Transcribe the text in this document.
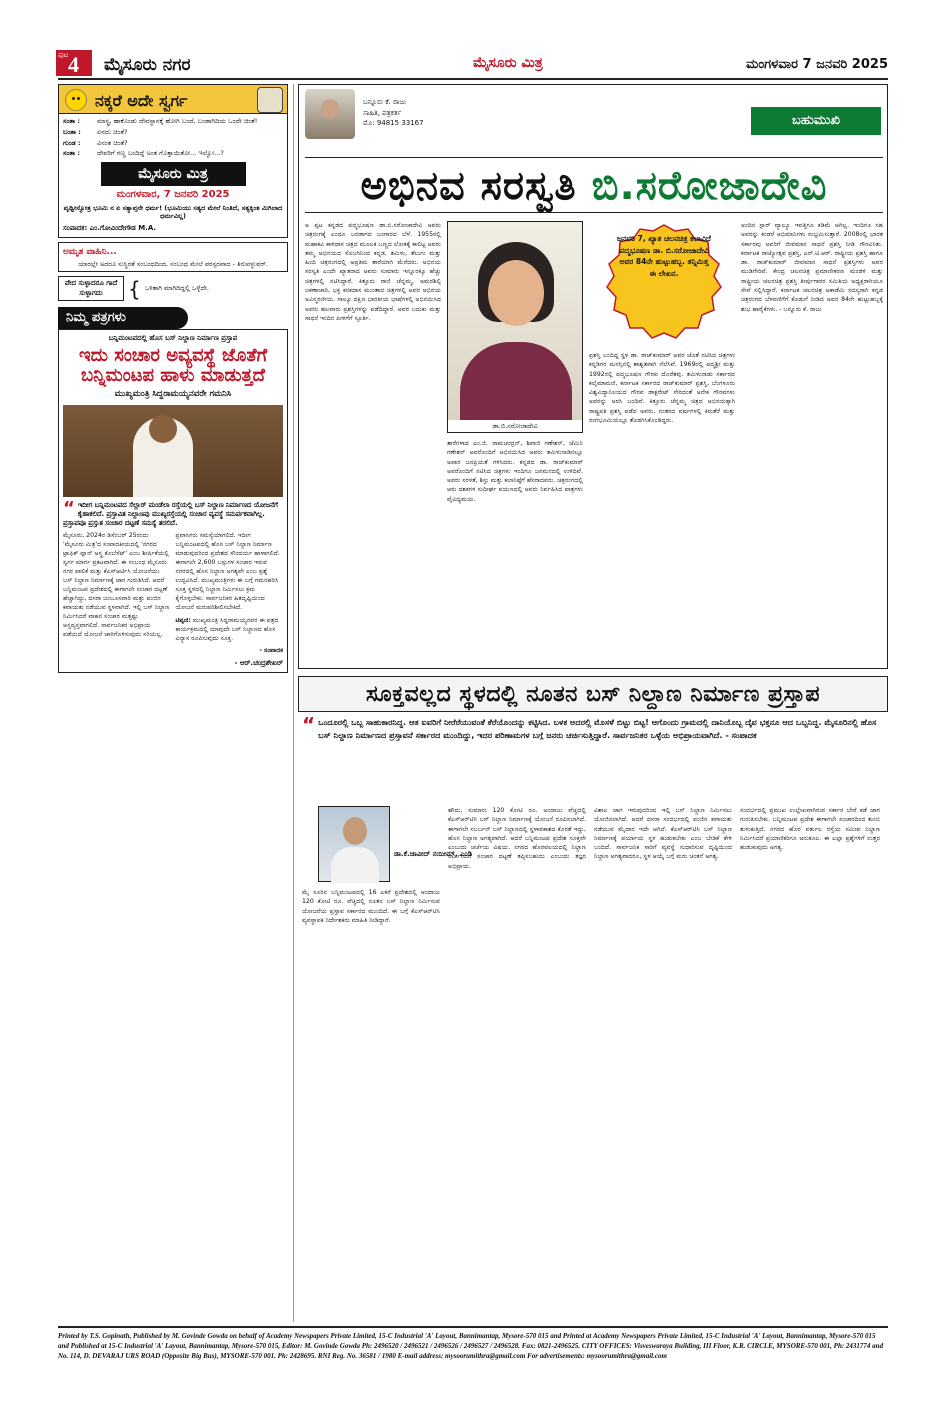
ಪುಟ 4 ಮೈಸೂರು ನಗರ	ಮೈಸೂರು ಮಿತ್ರ	ಮಂಗಳವಾರ 7 ಜನವರಿ 2025
ನಕ್ಕರೆ ಅದೇ ಸ್ವರ್ಗ
ಸಂತಾ :	ಮಾಸ್ಟ್ರ, ಹಾಕೊಂಡು ದೇವಸ್ಥಾನಕ್ಕೆ ಹೋಗಿ ಬಂದೆ, ಬಂಡಾಗಿದಿಯ ಒಂದೇ ಚಿಂತೆ!
ಬಂತಾ :	ಏನದು ಚಿಂತೆ?
ಗುಂಡ :	ವಿನಂತ ಚಿಂತೆ?
ಸಂತಾ :	ದೇವರಿಗೆ ಗಣ್ಣ ಬಂದಿದ್ದೆ ಅಂತ ಗೊತ್ತಾಯಿತೋ... ಇಲ್ವೋ...?
ಮೈಸೂರು ಮಿತ್ರ
ಮಂಗಳವಾರ, 7 ಜನವರಿ 2025
ಪೃಥ್ವೀಸ್ವೋತ್ರ ಭೂಮಿ ನ ಏ ಸತ್ಯಾಪ್ತನೇ ಧರ್ಮ! (ಭೂಮಿಯು ಸತ್ಯದ ಮೇಲೆ ನಿಂತಿದೆ, ಸತ್ಯಕ್ಕಿಂತ ಮಿಗಿಲಾದ ಧರ್ಮವಿಲ್ಲ)
ಸಂಪಾದಕ: ಎಂ.ಗೋವಿಂದೇಗೌಡ M.A.
ಅಮೃತ ವಾಹಿನಿ...
ಯಾರಲ್ಲೇ ಅದರೂ ಸುಸ್ಥಿರತೆ ಸಂಬಂಧದಿಂದ, ಸಂಬಂಧ ಮೇಲೆ ಪರಸ್ಪರವಾದ - ತಿರುವಳ್ಳುವರ್.
ವೇದ ಸುಳ್ಳಾದರೂ ಗಾದೆ ಸುಳ್ಳಾಗದು	{ ಒಳಿತಾಗಿ ಮಾಗಿದಿದ್ದಲ್ಲಿ ಒಳ್ಳೆದೇ.
ನಿಮ್ಮ ಪತ್ರಗಳು
ಬನ್ನಿಮಂಟಪದಲ್ಲಿ ಹೊಸ ಬಸ್ ನಿಲ್ದಾಣ ನಿರ್ಮಾಣ ಪ್ರಸ್ತಾಪ
ಇದು ಸಂಚಾರ ಅವ್ಯವಸ್ಥೆ ಜೊತೆಗೆ ಬನ್ನಿಮಂಟಪ ಹಾಳು ಮಾಡುತ್ತದೆ
ಮುಖ್ಯಮಂತ್ರಿ ಸಿದ್ದರಾಮಯ್ಯನವರೇ ಗಮನಿಸಿ
“ ಇದೀಗ ಬನ್ನಿಮಂಟಪದ ಸೆಲ್ಲಾರ್ ಮಂಡೆಲಾ ರಸ್ತೆಯಲ್ಲಿ ಬಸ್ ನಿಲ್ದಾಣ ನಿರ್ಮಾಣದ ಯೋಜನೆಗೆ ಕೈಹಾಕಲಿದೆ. ಪ್ರಸ್ತಾವಿತ ನಿಲ್ದಾಣವು ಮುಖ್ಯರಸ್ತೆಯಲ್ಲಿ ಸಂಚಾರ ವ್ಯವಸ್ಥೆ ಸಮರ್ಪಕವಾಗಿಲ್ಲ. ಪ್ರಸ್ತಾಪವೂ ಪ್ರಸ್ತುತ ಸಂಚಾರ ದಟ್ಟಣೆ ಸಮಸ್ಯೆ ತರಲಿದೆ.
ಮೈಸೂರು, 2024ರ ಡಿಸೆಂಬರ್ 25ರಂದು 'ಮೈಸೂರು ಮಿತ್ರ'ದ ಸಂಪಾದಕೀಯದಲ್ಲಿ 'ನಗರದ ಟ್ರಾಫಿಕ್ ಪ್ಲಾನ್ ಅಸ್ತ್ರ ಕೊಬೆಸೆಟ್' ಎಂಬ ಶೀರ್ಷಿಕೆಯಲ್ಲಿ ಸ್ವರ್ಗ ಮಾರ್ಗ ಪ್ರಕಟವಾಗಿದೆ. ಈ ಸಂಬಂಧ ಮೈಸೂರು ನಗರ ಪಾಲಿಕೆ ಮತ್ತು ಕೆಎಸ್ಆರ್ಟಿಸಿ ಯೋಜನೆಯು ಬಸ್ ನಿಲ್ದಾಣ ನಿರ್ಮಾಣಕ್ಕೆ ಜಾಗ ಗುರುತಿಸಿದೆ. ಆದರೆ ಬನ್ನಿಮಂಟಪ ಪ್ರದೇಶದಲ್ಲಿ ಈಗಾಗಲೇ ಸಂಚಾರ ದಟ್ಟಣೆ ಹೆಚ್ಚಾಗಿದ್ದು, ದಸರಾ ಜಂಬೂಸವಾರಿ ಮತ್ತು ಪಂಜಿನ ಕವಾಯತು ನಡೆಯುವ ಸ್ಥಳವಾಗಿದೆ. ಇಲ್ಲಿ ಬಸ್ ನಿಲ್ದಾಣ ನಿರ್ಮಿಸಿದರೆ ವಾಹನ ಸಂಚಾರ ಮತ್ತಷ್ಟು ಅಸ್ತವ್ಯಸ್ತವಾಗಲಿದೆ. ಸಾರ್ವಜನಿಕರ ಅಭಿಪ್ರಾಯ ಪಡೆಯದೆ ಯೋಜನೆ ಜಾರಿಗೊಳಿಸುವುದು ಸರಿಯಲ್ಲ.
ಪ್ರವಾಸಿಗರು ಸಮಸ್ಯೆಯಾಗಲಿದೆ. ಇದೀಗ ಬನ್ನಿಮಂಟಪದಲ್ಲಿ ಹೊಸ ಬಸ್ ನಿಲ್ದಾಣ ನಿರ್ಮಾಣ ಮಾಡುವುದರಿಂದ ಪ್ರದೇಶದ ಸೌಂದರ್ಯ ಹಾಳಾಗಲಿದೆ. ಈಗಾಗಲೇ 2,600 ಬಸ್ಸುಗಳ ಸಂಚಾರ ಇರುವ ನಗರದಲ್ಲಿ ಹೊಸ ನಿಲ್ದಾಣ ಅಗತ್ಯವೇ ಎಂಬ ಪ್ರಶ್ನೆ ಉದ್ಭವಿಸಿದೆ. ಮುಖ್ಯಮಂತ್ರಿಗಳು ಈ ಬಗ್ಗೆ ಗಮನಹರಿಸಿ ಸೂಕ್ತ ಸ್ಥಳದಲ್ಲಿ ನಿಲ್ದಾಣ ನಿರ್ಮಿಸಲು ಕ್ರಮ ಕೈಗೊಳ್ಳಬೇಕು. ಸಾರ್ವಜನಿಕರ ಹಿತದೃಷ್ಟಿಯಿಂದ ಯೋಜನೆ ಮರುಪರಿಶೀಲಿಸಬೇಕಿದೆ.
ಟಿಪ್ಪಣಿ: ಮುಖ್ಯಮಂತ್ರಿ ಸಿದ್ದರಾಮಯ್ಯನವರ ಈ ಪತ್ರದ ಕಾರ್ಯಕ್ರಮದಲ್ಲಿ ಯಾವುದೇ ಬಸ್ ನಿಲ್ದಾಣದ ಹೊಸ ವಿನ್ಯಾಸ ರೂಪಿಸುವುದು ಸೂಕ್ತ.
- ಸಂಪಾದಕ
- ಆರ್.ಚಂದ್ರಶೇಖರ್
ಬನ್ನೂರು ಕೆ. ರಾಜು
ಸಾಹಿತಿ, ಪತ್ರಕರ್ತ
ಮೊ: 94815 33167	ಬಹುಮುಖಿ
ಅಭಿನವ ಸರಸ್ವತಿ ಬಿ.ಸರೋಜಾದೇವಿ
ಅ ಪ್ಪಟ ಕನ್ನಡದ ಪದ್ಮಭೂಷಣ ಡಾ.ಬಿ.ಸರೋಜಾದೇವಿ ಅವರು ಚಿತ್ರರಂಗಕ್ಕೆ ಎಂದೂ ಬರಡಾಗದ ಬಂಗಾರದ ಬೆಳೆ. 1955ರಲ್ಲಿ ಮಹಾಕವಿ ಕಾಳಿದಾಸ ಚಿತ್ರದ ಮೂಲಕ ಬಣ್ಣದ ಲೋಕಕ್ಕೆ ಕಾಲಿಟ್ಟ ಅವರು ತಮ್ಮ ಅಭಿನಯದ ಸೊಬಗಿನಿಂದ ಕನ್ನಡ, ತಮಿಳು, ತೆಲುಗು ಮತ್ತು ಹಿಂದಿ ಚಿತ್ರರಂಗದಲ್ಲಿ ಅಪ್ರತಿಮ ತಾರೆಯಾಗಿ ಮೆರೆದರು. ಅಭಿನಯ ಸರಸ್ವತಿ ಎಂದೇ ಖ್ಯಾತರಾದ ಅವರು ಸುಮಾರು ಇನ್ನೂರಕ್ಕೂ ಹೆಚ್ಚು ಚಿತ್ರಗಳಲ್ಲಿ ನಟಿಸಿದ್ದಾರೆ. ಕಿತ್ತೂರು ರಾಣಿ ಚೆನ್ನಮ್ಮ, ಅಮರಶಿಲ್ಪಿ ಜಕಣಾಚಾರಿ, ಭಕ್ತ ಕನಕದಾಸ ಮುಂತಾದ ಚಿತ್ರಗಳಲ್ಲಿ ಅವರ ಅಭಿನಯ ಅವಿಸ್ಮರಣೀಯ. ನಾಲ್ಕೂ ದಕ್ಷಿಣ ಭಾರತೀಯ ಭಾಷೆಗಳಲ್ಲಿ ಅಭಿನಯಿಸಿದ ಅವರು ಹಲವಾರು ಪ್ರಶಸ್ತಿಗಳನ್ನು ಪಡೆದಿದ್ದಾರೆ. ಅವರ ಬದುಕು ಮತ್ತು ಸಾಧನೆ ಇಂದಿನ ಪೀಳಿಗೆಗೆ ಸ್ಫೂರ್ತಿ.
ಡಾ.ಬಿ.ಸರೋಜಾದೇವಿ
ತಾರೆಗಳಾದ ಎಂ.ಜಿ. ರಾಮಚಂದ್ರನ್, ಶಿವಾಜಿ ಗಣೇಶನ್, ಜೆಮಿನಿ ಗಣೇಶನ್ ಅವರೊಂದಿಗೆ ಅಭಿನಯಿಸಿದ ಅವರು ತಮಿಳುನಾಡಿನಲ್ಲೂ ಅಪಾರ ಜನಪ್ರಿಯತೆ ಗಳಿಸಿದರು. ಕನ್ನಡದ ಡಾ. ರಾಜ್‌ಕುಮಾರ್ ಅವರೊಂದಿಗೆ ನಟಿಸಿದ ಚಿತ್ರಗಳು ಇಂದಿಗೂ ಜನಮನದಲ್ಲಿ ಉಳಿದಿವೆ. ಅವರು ಸರಳತೆ, ಶಿಸ್ತು ಮತ್ತು ಕಲಾನಿಷ್ಠೆಗೆ ಹೆಸರಾದವರು. ಚಿತ್ರರಂಗದಲ್ಲಿ ಆರು ದಶಕಗಳ ಸುದೀರ್ಘ ಪಯಣದಲ್ಲಿ ಅವರು ನಿರ್ವಹಿಸಿದ ಪಾತ್ರಗಳು ವೈವಿಧ್ಯಮಯ.
ಜನವರಿ 7, ಖ್ಯಾತ ಚಲನಚಿತ್ರ ಕಲಾವಿದೆ ಪದ್ಮಭೂಷಣ ಡಾ. ಬಿ.ಸರೋಜಾದೇವಿ ಅವರ 84ನೇ ಹುಟ್ಟುಹಬ್ಬ. ತನ್ನಿಮಿತ್ತ ಈ ಲೇಖನ.
ಪ್ರಶಸ್ತಿ ಬಂದಿದ್ದ ಸ್ಥಳ ಡಾ. ರಾಜ್‌ಕುಮಾರ್ ಅವರ ಜೊತೆ ನಟಿಸಿದ ಚಿತ್ರಗಳು ಕನ್ನಡಿಗರ ಮನಸ್ಸಿನಲ್ಲಿ ಶಾಶ್ವತವಾಗಿ ನೆಲೆಸಿವೆ. 1969ರಲ್ಲಿ ಪದ್ಮಶ್ರೀ ಮತ್ತು 1992ರಲ್ಲಿ ಪದ್ಮಭೂಷಣ ಗೌರವ ದೊರೆತವು. ತಮಿಳುನಾಡು ಸರ್ಕಾರದ ಕಲೈಮಾಮಣಿ, ಕರ್ನಾಟಕ ಸರ್ಕಾರದ ರಾಜ್‌ಕುಮಾರ್ ಪ್ರಶಸ್ತಿ, ಬೆಂಗಳೂರು ವಿಶ್ವವಿದ್ಯಾನಿಲಯದ ಗೌರವ ಡಾಕ್ಟರೇಟ್ ಸೇರಿದಂತೆ ಅನೇಕ ಗೌರವಗಳು ಅವರನ್ನು ಅರಸಿ ಬಂದಿವೆ. ಕಿತ್ತೂರು ಚೆನ್ನಮ್ಮ ಚಿತ್ರದ ಅಭಿನಯಕ್ಕಾಗಿ ರಾಷ್ಟ್ರಪತಿ ಪ್ರಶಸ್ತಿ ಪಡೆದ ಅವರು, ನಂತರದ ವರ್ಷಗಳಲ್ಲಿ ಕಿರುತೆರೆ ಮತ್ತು ರಂಗಭೂಮಿಯಲ್ಲೂ ತೊಡಗಿಸಿಕೊಂಡಿದ್ದರು.
ಅಂದಿನ ಸ್ಟಾರ್ ವ್ಯಾಲ್ಯೂ ಇವತ್ತಿಗೂ ಕಡಿಮೆ ಆಗಿಲ್ಲ. ಇಂದಿಗೂ ಸಹ ಅವರನ್ನು ಕಂಡರೆ ಅಭಿಮಾನಿಗಳು ಸಂಭ್ರಮಿಸುತ್ತಾರೆ. 2008ರಲ್ಲಿ ಭಾರತ ಸರ್ಕಾರವು ಅವರಿಗೆ ಜೀವಮಾನ ಸಾಧನೆ ಪ್ರಶಸ್ತಿ ನೀಡಿ ಗೌರವಿಸಿತು. ಕರ್ನಾಟಕ ರಾಜ್ಯೋತ್ಸವ ಪ್ರಶಸ್ತಿ, ಎನ್.ಟಿ.ಆರ್. ರಾಷ್ಟ್ರೀಯ ಪ್ರಶಸ್ತಿ ಹಾಗೂ ಡಾ. ರಾಜ್‌ಕುಮಾರ್ ಜೀವಮಾನ ಸಾಧನೆ ಪ್ರಶಸ್ತಿಗಳು ಅವರ ಮುಡಿಗೇರಿವೆ. ಕೇಂದ್ರ ಚಲನಚಿತ್ರ ಪ್ರಮಾಣೀಕರಣ ಮಂಡಳಿ ಮತ್ತು ರಾಷ್ಟ್ರೀಯ ಚಲನಚಿತ್ರ ಪ್ರಶಸ್ತಿ ತೀರ್ಪುಗಾರರ ಸಮಿತಿಯ ಅಧ್ಯಕ್ಷರಾಗಿಯೂ ಸೇವೆ ಸಲ್ಲಿಸಿದ್ದಾರೆ. ಕರ್ನಾಟಕ ಚಲನಚಿತ್ರ ಅಕಾಡೆಮಿ ಸದಸ್ಯರಾಗಿ ಕನ್ನಡ ಚಿತ್ರರಂಗದ ಬೆಳವಣಿಗೆಗೆ ಕೊಡುಗೆ ನೀಡಿದ ಅವರ 84ನೇ ಹುಟ್ಟುಹಬ್ಬಕ್ಕೆ ಶುಭ ಹಾರೈಕೆಗಳು. - ಬನ್ನೂರು ಕೆ. ರಾಜು
ಸೂಕ್ತವಲ್ಲದ ಸ್ಥಳದಲ್ಲಿ ನೂತನ ಬಸ್ ನಿಲ್ದಾಣ ನಿರ್ಮಾಣ ಪ್ರಸ್ತಾಪ
“ ಒಂದೂರಲ್ಲಿ ಒಬ್ಬ ಸಾಹುಕಾರನಿದ್ದ. ಆತ ಐವರಿಗೆ ನೀರೆರೆಯುವಂತೆ ಕೆರೆಯೊಂದನ್ನು ಕಟ್ಟಿಸಿದ. ಬಳಕ ಅದರಲ್ಲಿ ಮೊಸಳೆ ಬಿಟ್ಟು ಬಿಟ್ಟ! ಆಗೊಂದು ಗ್ರಾಮದಲ್ಲಿ ದಾನಿಯೊಬ್ಬ ದೈವ ಭಕ್ತನೂ ಆದ ಒಬ್ಬನಿದ್ದ. ಮೈಸೂರಿನಲ್ಲಿ ಹೊಸ ಬಸ್ ನಿಲ್ದಾಣ ನಿರ್ಮಾಣದ ಪ್ರಸ್ತಾವನೆ ಸರ್ಕಾರದ ಮುಂದಿದ್ದು, ಇದರ ಪರಿಣಾಮಗಳ ಬಗ್ಗೆ ಜನರು ಚರ್ಚಿಸುತ್ತಿದ್ದಾರೆ. ಸಾರ್ವಜನಿಕರ ಒಳ್ಳೆಯ ಅಭಿಪ್ರಾಯವಾಗಿದೆ. - ಸಂಪಾದಕ
ಡಾ.ಕೆ.ಜಾವೀದ್ ನಯೀಮ್, ಎಂಡಿ
ಮೈ ಸೂರಿನ ಬನ್ನಿಮಂಟಪದಲ್ಲಿ 16 ಎಕರೆ ಪ್ರದೇಶದಲ್ಲಿ ಅಂದಾಜು 120 ಕೋಟಿ ರೂ. ವೆಚ್ಚದಲ್ಲಿ ನೂತನ ಬಸ್ ನಿಲ್ದಾಣ ನಿರ್ಮಿಸುವ ಯೋಜನೆಯ ಪ್ರಸ್ತಾಪ ಸರ್ಕಾರದ ಮುಂದಿದೆ. ಈ ಬಗ್ಗೆ ಕೆಎಸ್‌ಆರ್‌ಟಿಸಿ ವ್ಯವಸ್ಥಾಪಕ ನಿರ್ದೇಶಕರು ಮಾಹಿತಿ ನೀಡಿದ್ದಾರೆ.
ಹೌದು, ಸುಮಾರು 120 ಕೋಟಿ ರೂ. ಅಂದಾಜು ವೆಚ್ಚದಲ್ಲಿ ಕೆಎಸ್‌ಆರ್‌ಟಿಸಿ ಬಸ್ ನಿಲ್ದಾಣ ನಿರ್ಮಾಣಕ್ಕೆ ಯೋಜನೆ ರೂಪಿಸಲಾಗಿದೆ. ಈಗಾಗಲೇ ಸಬರ್ಬನ್ ಬಸ್ ನಿಲ್ದಾಣದಲ್ಲಿ ಸ್ಥಳಾವಕಾಶದ ಕೊರತೆ ಇದ್ದು, ಹೊಸ ನಿಲ್ದಾಣ ಅಗತ್ಯವಾಗಿದೆ. ಆದರೆ ಬನ್ನಿಮಂಟಪ ಪ್ರದೇಶ ಸೂಕ್ತವೇ ಎಂಬುದು ಚರ್ಚೆಯ ವಿಷಯ. ನಗರದ ಹೊರವಲಯದಲ್ಲಿ ನಿಲ್ದಾಣ ನಿರ್ಮಿಸಿದರೆ ಸಂಚಾರ ದಟ್ಟಣೆ ತಪ್ಪಿಸಬಹುದು ಎಂಬುದು ತಜ್ಞರ ಅಭಿಪ್ರಾಯ.
ವಿಶಾಲ ಜಾಗ ಇರುವುದರಿಂದ ಇಲ್ಲಿ ಬಸ್ ನಿಲ್ದಾಣ ನಿರ್ಮಿಸಲು ಯೋಜಿಸಲಾಗಿದೆ. ಆದರೆ ದಸರಾ ಸಂದರ್ಭದಲ್ಲಿ ಪಂಜಿನ ಕವಾಯತು ನಡೆಯುವ ಮೈದಾನ ಇದೇ ಆಗಿದೆ. ಕೆಎಸ್‌ಆರ್‌ಟಿಸಿ ಬಸ್ ನಿಲ್ದಾಣ ನಿರ್ಮಾಣಕ್ಕೆ ಪರ್ಯಾಯ ಸ್ಥಳ ಹುಡುಕಬೇಕು ಎಂಬ ಬೇಡಿಕೆ ಕೇಳಿ ಬಂದಿದೆ. ಸಾರ್ವಜನಿಕ ಸಾರಿಗೆ ವ್ಯವಸ್ಥೆ ಸುಧಾರಿಸುವ ದೃಷ್ಟಿಯಿಂದ ನಿಲ್ದಾಣ ಅಗತ್ಯವಾದರೂ, ಸ್ಥಳ ಆಯ್ಕೆ ಬಗ್ಗೆ ಮರು ಚಿಂತನೆ ಅಗತ್ಯ.
ಸಂದರ್ಭದಲ್ಲಿ ಪ್ರಮುಖ ಉಲ್ಲೇಖವಾಗಿರುವ ಸರ್ಕಾರ ಬೇರೆ ಕಡೆ ಜಾಗ ಗುರುತಿಸಬೇಕು. ಬನ್ನಿಮಂಟಪ ಪ್ರದೇಶ ಈಗಾಗಲೇ ಸಂಚಾರದಿಂದ ತುಂಬಿ ತುಳುಕುತ್ತಿದೆ. ನಗರದ ಹೊರ ವರ್ತುಲ ರಸ್ತೆಯ ಸಮೀಪ ನಿಲ್ದಾಣ ನಿರ್ಮಿಸಿದರೆ ಪ್ರಯಾಣಿಕರಿಗೂ ಅನುಕೂಲ. ಈ ಎಲ್ಲಾ ಪ್ರಶ್ನೆಗಳಿಗೆ ಉತ್ತರ ಹುಡುಕುವುದು ಅಗತ್ಯ.
Printed by T.S. Gopinath, Published by M. Govinde Gowda on behalf of Academy Newspapers Private Limited, 15-C Industrial 'A' Layout, Bannimantap, Mysore-570 015 and Printed at Academy Newspapers Private Limited, 15-C Industrial 'A' Layout, Bannimantap, Mysore-570 015 and Published at 15-C Industrial 'A' Layout, Bannimantap, Mysore-570 015, Editor: M. Govinde Gowda Ph: 2496520 / 2496521 / 2496526 / 2496527 / 2496528. Fax: 0821-2496525. CITY OFFICES: Visveswaraya Building, III Floor, K.R. CIRCLE, MYSORE-570 001, Ph: 2431774 and No. 114, D. DEVARAJ URS ROAD (Opposite Big Bus), MYSORE-570 001. Ph: 2428695. RNI Reg. No. 36581 / 1980 E-mail address: mysoorumithra@gmail.com For advertisements: mysoorumithra@gmail.com
